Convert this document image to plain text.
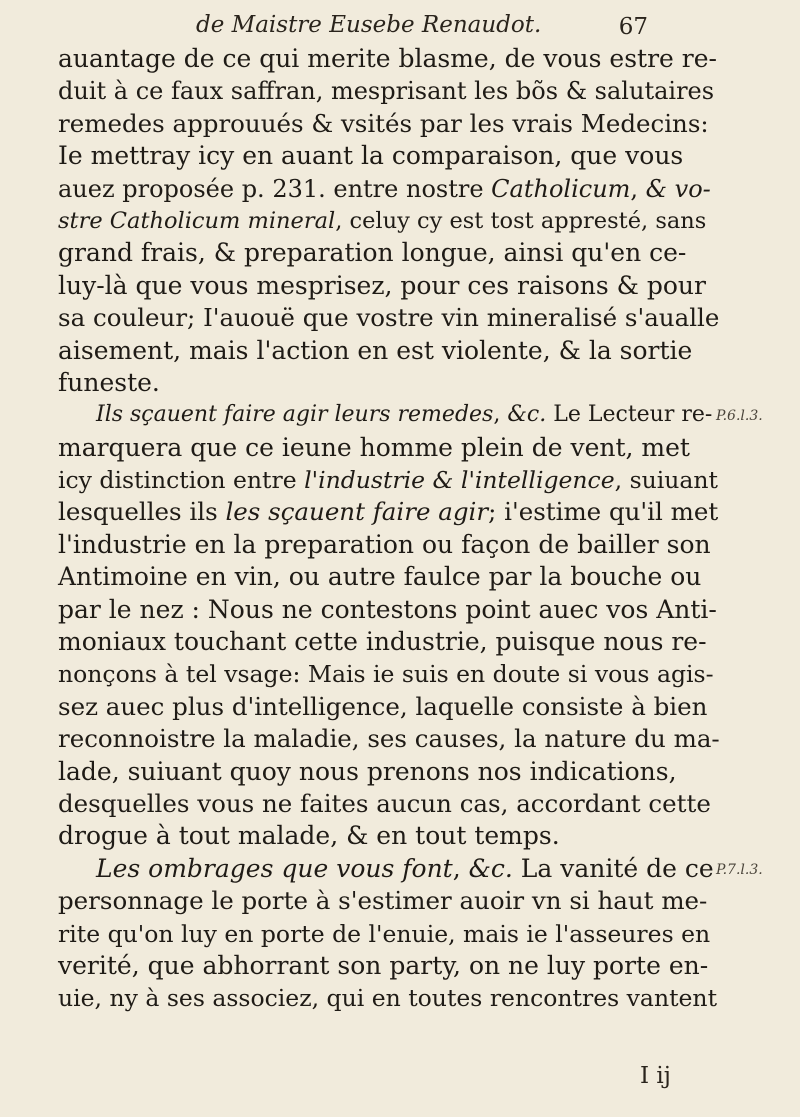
de Maistre Eusebe Renaudot.	67
auantage de ce qui merite blasme, de vous estre re-
duit à ce faux saffran, mesprisant les bõs & salutaires
remedes approuués & vsités par les vrais Medecins:
Ie mettray icy en auant la comparaison, que vous
auez proposée p. 231. entre nostre Catholicum, & vo-
stre Catholicum mineral, celuy cy est tost appresté, sans
grand frais, & preparation longue, ainsi qu'en ce-
luy-là que vous mesprisez, pour ces raisons & pour
sa couleur; I'auouë que vostre vin mineralisé s'aualle
aisement, mais l'action en est violente, & la sortie
funeste.
Ils sçauent faire agir leurs remedes, &c. Le Lecteur re-
marquera que ce ieune homme plein de vent, met
icy distinction entre l'industrie & l'intelligence, suiuant
lesquelles ils les sçauent faire agir; i'estime qu'il met
l'industrie en la preparation ou façon de bailler son
Antimoine en vin, ou autre faulce par la bouche ou
par le nez : Nous ne contestons point auec vos Anti-
moniaux touchant cette industrie, puisque nous re-
nonçons à tel vsage: Mais ie suis en doute si vous agis-
sez auec plus d'intelligence, laquelle consiste à bien
reconnoistre la maladie, ses causes, la nature du ma-
lade, suiuant quoy nous prenons nos indications,
desquelles vous ne faites aucun cas, accordant cette
drogue à tout malade, & en tout temps.
Les ombrages que vous font, &c. La vanité de ce
personnage le porte à s'estimer auoir vn si haut me-
rite qu'on luy en porte de l'enuie, mais ie l'asseures en
verité, que abhorrant son party, on ne luy porte en-
uie, ny à ses associez, qui en toutes rencontres vantent
P.6.l.3.
P.7.l.3.
I ij
